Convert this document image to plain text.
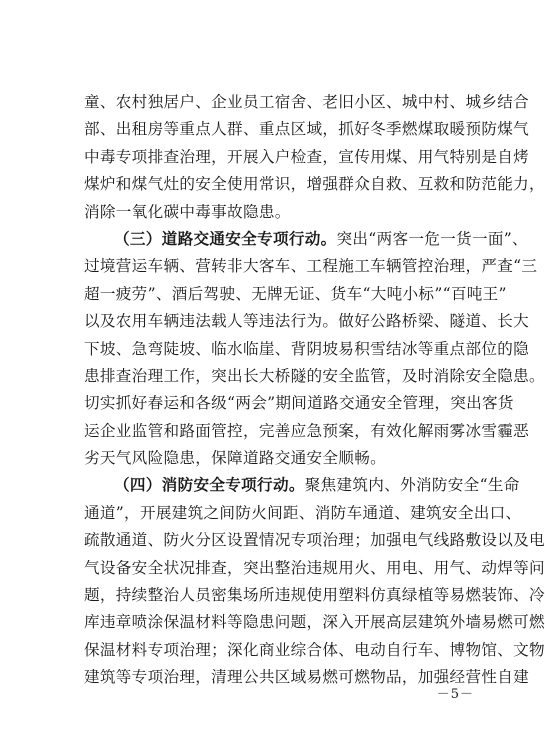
童、农村独居户、企业员工宿舍、老旧小区、城中村、城乡结合
部、出租房等重点人群、重点区域，抓好冬季燃煤取暖预防煤气
中毒专项排查治理，开展入户检查，宣传用煤、用气特别是自烤
煤炉和煤气灶的安全使用常识，增强群众自救、互救和防范能力，
消除一氧化碳中毒事故隐患。
（三）道路交通安全专项行动。突出“两客一危一货一面”、
过境营运车辆、营转非大客车、工程施工车辆管控治理，严查“三
超一疲劳”、酒后驾驶、无牌无证、货车“大吨小标”“百吨王”
以及农用车辆违法载人等违法行为。做好公路桥梁、隧道、长大
下坡、急弯陡坡、临水临崖、背阴坡易积雪结冰等重点部位的隐
患排查治理工作，突出长大桥隧的安全监管，及时消除安全隐患。
切实抓好春运和各级“两会”期间道路交通安全管理，突出客货
运企业监管和路面管控，完善应急预案，有效化解雨雾冰雪霾恶
劣天气风险隐患，保障道路交通安全顺畅。
（四）消防安全专项行动。聚焦建筑内、外消防安全“生命
通道”，开展建筑之间防火间距、消防车通道、建筑安全出口、
疏散通道、防火分区设置情况专项治理；加强电气线路敷设以及电
气设备安全状况排查，突出整治违规用火、用电、用气、动焊等问
题，持续整治人员密集场所违规使用塑料仿真绿植等易燃装饰、冷
库违章喷涂保温材料等隐患问题，深入开展高层建筑外墙易燃可燃
保温材料专项治理；深化商业综合体、电动自行车、博物馆、文物
建筑等专项治理，清理公共区域易燃可燃物品，加强经营性自建
－5－
